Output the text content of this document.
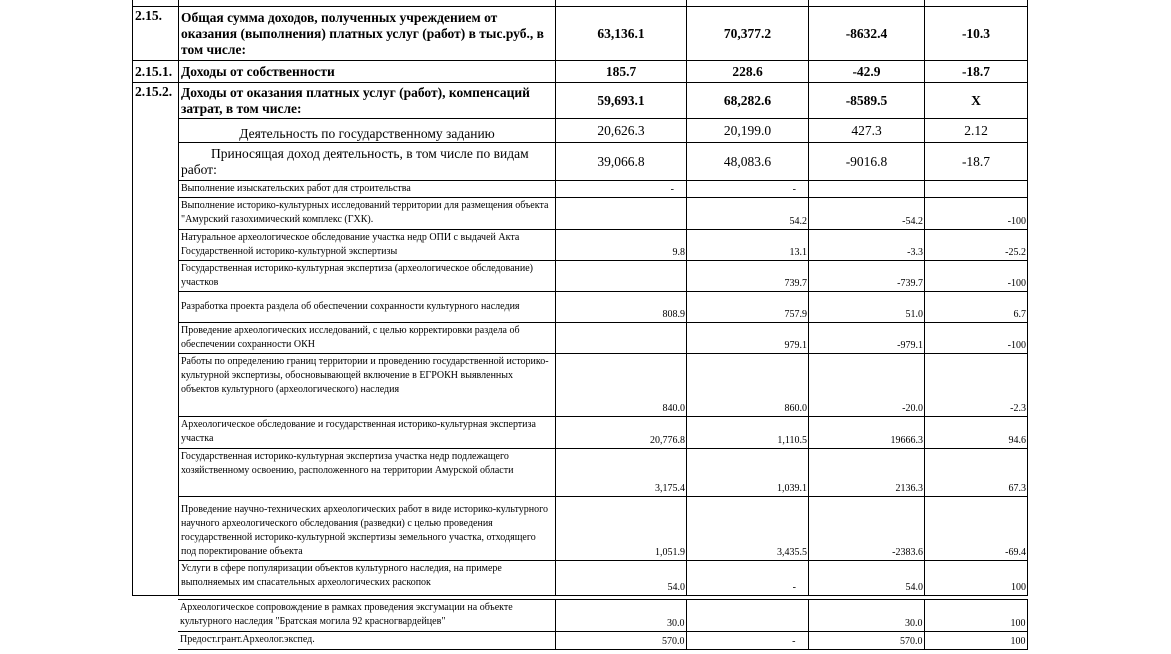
2.15.	Общая сумма доходов, полученных учреждением от оказания (выполнения) платных услуг (работ) в тыс.руб., в том числе:	63,136.1	70,377.2	-8632.4	-10.3
2.15.1.	Доходы от собственности	185.7	228.6	-42.9	-18.7
2.15.2.	Доходы от оказания платных услуг (работ), компенсаций затрат, в том числе:	59,693.1	68,282.6	-8589.5	X
	Деятельность по государственному заданию	20,626.3	20,199.0	427.3	2.12
	Приносящая доход деятельность, в том числе по видам работ:	39,066.8	48,083.6	-9016.8	-18.7
	Выполнение изыскательских работ для строительства	-	-		
	Выполнение историко-культурных исследований территории для размещения объекта "Амурский газохимический комплекс (ГХК).		54.2	-54.2	-100
	Натуральное археологическое обследование участка недр ОПИ с выдачей Акта Государственной историко-культурной экспертизы	9.8	13.1	-3.3	-25.2
	Государственная историко-культурная экспертиза (археологическое обследование) участков		739.7	-739.7	-100
	Разработка проекта раздела об обеспечении сохранности культурного наследия	808.9	757.9	51.0	6.7
	Проведение археологических исследований, с целью корректировки раздела об обеспечении сохранности ОКН		979.1	-979.1	-100
	Работы по определению границ территории и проведению государственной историко-культурной экспертизы, обосновывающей включение в ЕГРОКН выявленных объектов культурного (археологического) наследия	840.0	860.0	-20.0	-2.3
	Археологическое обследование и государственная историко-культурная экспертиза участка	20,776.8	1,110.5	19666.3	94.6
	Государственная историко-культурная экспертиза участка недр подлежащего хозяйственному освоению, расположенного на территории Амурской области	3,175.4	1,039.1	2136.3	67.3
	Проведение научно-технических археологических работ в виде историко-культурного научного археологического обследования (разведки) с целью проведения государственной историко-культурной экспертизы земельного участка, отходящего под поректирование объекта	1,051.9	3,435.5	-2383.6	-69.4
	Услуги в сфере популяризации объектов культурного наследия, на примере выполняемых им спасательных археологических раскопок	54.0	-	54.0	100
Археологическое сопровождение в рамках проведения эксгумации на объекте культурного наследия "Братская могила 92 красногвардейцев"	30.0		30.0	100
Предост.грант.Археолог.экспед.	570.0	-	570.0	100
